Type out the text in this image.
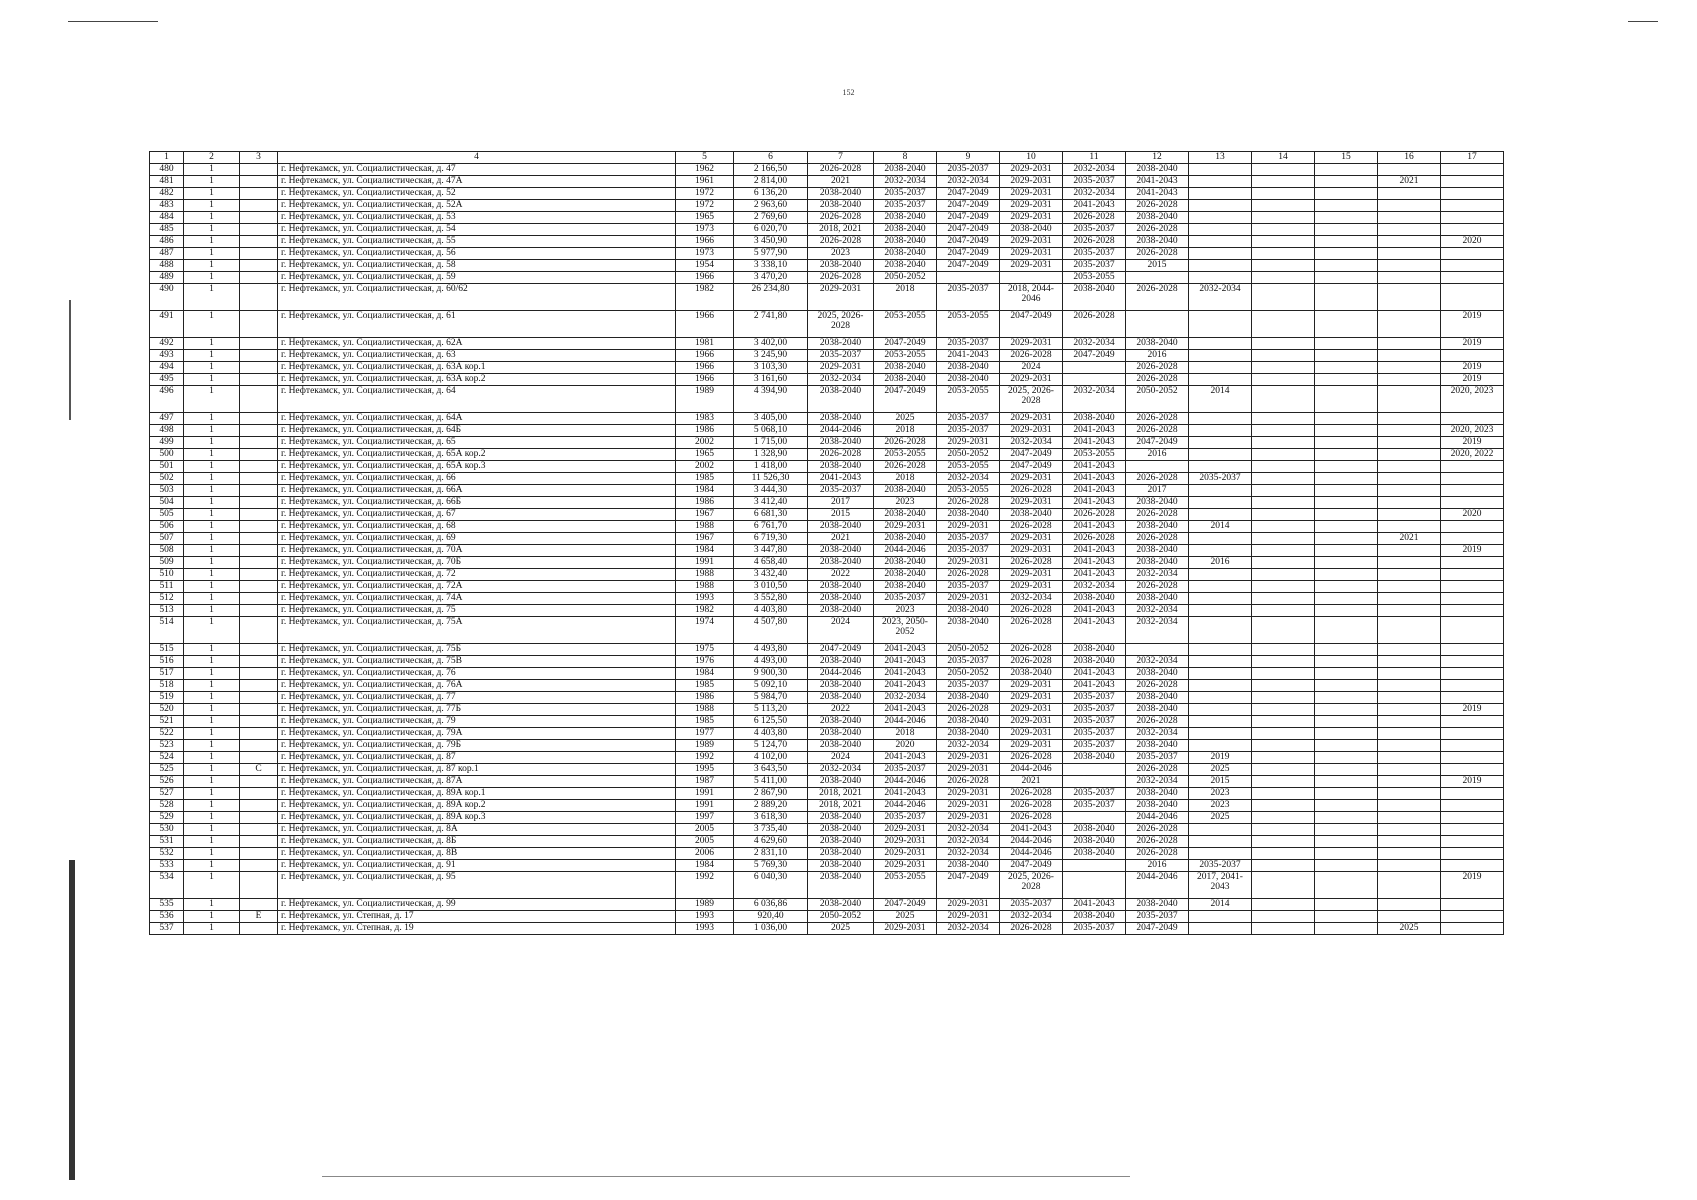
152
1	2	3	4	5	6	7	8	9	10	11	12	13	14	15	16	17
480	1		г. Нефтекамск, ул. Социалистическая, д. 47	1962	2 166,50	2026-2028	2038-2040	2035-2037	2029-2031	2032-2034	2038-2040					
481	1		г. Нефтекамск, ул. Социалистическая, д. 47А	1961	2 814,00	2021	2032-2034	2032-2034	2029-2031	2035-2037	2041-2043				2021	
482	1		г. Нефтекамск, ул. Социалистическая, д. 52	1972	6 136,20	2038-2040	2035-2037	2047-2049	2029-2031	2032-2034	2041-2043					
483	1		г. Нефтекамск, ул. Социалистическая, д. 52А	1972	2 963,60	2038-2040	2035-2037	2047-2049	2029-2031	2041-2043	2026-2028					
484	1		г. Нефтекамск, ул. Социалистическая, д. 53	1965	2 769,60	2026-2028	2038-2040	2047-2049	2029-2031	2026-2028	2038-2040					
485	1		г. Нефтекамск, ул. Социалистическая, д. 54	1973	6 020,70	2018, 2021	2038-2040	2047-2049	2038-2040	2035-2037	2026-2028					
486	1		г. Нефтекамск, ул. Социалистическая, д. 55	1966	3 450,90	2026-2028	2038-2040	2047-2049	2029-2031	2026-2028	2038-2040					2020
487	1		г. Нефтекамск, ул. Социалистическая, д. 56	1973	5 977,90	2023	2038-2040	2047-2049	2029-2031	2035-2037	2026-2028					
488	1		г. Нефтекамск, ул. Социалистическая, д. 58	1954	3 338,10	2038-2040	2038-2040	2047-2049	2029-2031	2035-2037	2015					
489	1		г. Нефтекамск, ул. Социалистическая, д. 59	1966	3 470,20	2026-2028	2050-2052			2053-2055						
490	1		г. Нефтекамск, ул. Социалистическая, д. 60/62	1982	26 234,80	2029-2031	2018	2035-2037	2018, 2044-2046	2038-2040	2026-2028	2032-2034				
491	1		г. Нефтекамск, ул. Социалистическая, д. 61	1966	2 741,80	2025, 2026-2028	2053-2055	2053-2055	2047-2049	2026-2028						2019
492	1		г. Нефтекамск, ул. Социалистическая, д. 62А	1981	3 402,00	2038-2040	2047-2049	2035-2037	2029-2031	2032-2034	2038-2040					2019
493	1		г. Нефтекамск, ул. Социалистическая, д. 63	1966	3 245,90	2035-2037	2053-2055	2041-2043	2026-2028	2047-2049	2016					
494	1		г. Нефтекамск, ул. Социалистическая, д. 63А кор.1	1966	3 103,30	2029-2031	2038-2040	2038-2040	2024		2026-2028					2019
495	1		г. Нефтекамск, ул. Социалистическая, д. 63А кор.2	1966	3 161,60	2032-2034	2038-2040	2038-2040	2029-2031		2026-2028					2019
496	1		г. Нефтекамск, ул. Социалистическая, д. 64	1989	4 394,90	2038-2040	2047-2049	2053-2055	2025, 2026-2028	2032-2034	2050-2052	2014				2020, 2023
497	1		г. Нефтекамск, ул. Социалистическая, д. 64А	1983	3 405,00	2038-2040	2025	2035-2037	2029-2031	2038-2040	2026-2028					
498	1		г. Нефтекамск, ул. Социалистическая, д. 64Б	1986	5 068,10	2044-2046	2018	2035-2037	2029-2031	2041-2043	2026-2028					2020, 2023
499	1		г. Нефтекамск, ул. Социалистическая, д. 65	2002	1 715,00	2038-2040	2026-2028	2029-2031	2032-2034	2041-2043	2047-2049					2019
500	1		г. Нефтекамск, ул. Социалистическая, д. 65А кор.2	1965	1 328,90	2026-2028	2053-2055	2050-2052	2047-2049	2053-2055	2016					2020, 2022
501	1		г. Нефтекамск, ул. Социалистическая, д. 65А кор.3	2002	1 418,00	2038-2040	2026-2028	2053-2055	2047-2049	2041-2043						
502	1		г. Нефтекамск, ул. Социалистическая, д. 66	1985	11 526,30	2041-2043	2018	2032-2034	2029-2031	2041-2043	2026-2028	2035-2037				
503	1		г. Нефтекамск, ул. Социалистическая, д. 66А	1984	3 444,30	2035-2037	2038-2040	2053-2055	2026-2028	2041-2043	2017					
504	1		г. Нефтекамск, ул. Социалистическая, д. 66Б	1986	3 412,40	2017	2023	2026-2028	2029-2031	2041-2043	2038-2040					
505	1		г. Нефтекамск, ул. Социалистическая, д. 67	1967	6 681,30	2015	2038-2040	2038-2040	2038-2040	2026-2028	2026-2028					2020
506	1		г. Нефтекамск, ул. Социалистическая, д. 68	1988	6 761,70	2038-2040	2029-2031	2029-2031	2026-2028	2041-2043	2038-2040	2014				
507	1		г. Нефтекамск, ул. Социалистическая, д. 69	1967	6 719,30	2021	2038-2040	2035-2037	2029-2031	2026-2028	2026-2028				2021	
508	1		г. Нефтекамск, ул. Социалистическая, д. 70А	1984	3 447,80	2038-2040	2044-2046	2035-2037	2029-2031	2041-2043	2038-2040					2019
509	1		г. Нефтекамск, ул. Социалистическая, д. 70Б	1991	4 658,40	2038-2040	2038-2040	2029-2031	2026-2028	2041-2043	2038-2040	2016				
510	1		г. Нефтекамск, ул. Социалистическая, д. 72	1988	3 432,40	2022	2038-2040	2026-2028	2029-2031	2041-2043	2032-2034					
511	1		г. Нефтекамск, ул. Социалистическая, д. 72А	1988	3 010,50	2038-2040	2038-2040	2035-2037	2029-2031	2032-2034	2026-2028					
512	1		г. Нефтекамск, ул. Социалистическая, д. 74А	1993	3 552,80	2038-2040	2035-2037	2029-2031	2032-2034	2038-2040	2038-2040					
513	1		г. Нефтекамск, ул. Социалистическая, д. 75	1982	4 403,80	2038-2040	2023	2038-2040	2026-2028	2041-2043	2032-2034					
514	1		г. Нефтекамск, ул. Социалистическая, д. 75А	1974	4 507,80	2024	2023, 2050-2052	2038-2040	2026-2028	2041-2043	2032-2034					
515	1		г. Нефтекамск, ул. Социалистическая, д. 75Б	1975	4 493,80	2047-2049	2041-2043	2050-2052	2026-2028	2038-2040						
516	1		г. Нефтекамск, ул. Социалистическая, д. 75В	1976	4 493,00	2038-2040	2041-2043	2035-2037	2026-2028	2038-2040	2032-2034					
517	1		г. Нефтекамск, ул. Социалистическая, д. 76	1984	9 900,30	2044-2046	2041-2043	2050-2052	2038-2040	2041-2043	2038-2040					
518	1		г. Нефтекамск, ул. Социалистическая, д. 76А	1985	5 092,10	2038-2040	2041-2043	2035-2037	2029-2031	2041-2043	2026-2028					
519	1		г. Нефтекамск, ул. Социалистическая, д. 77	1986	5 984,70	2038-2040	2032-2034	2038-2040	2029-2031	2035-2037	2038-2040					
520	1		г. Нефтекамск, ул. Социалистическая, д. 77Б	1988	5 113,20	2022	2041-2043	2026-2028	2029-2031	2035-2037	2038-2040					2019
521	1		г. Нефтекамск, ул. Социалистическая, д. 79	1985	6 125,50	2038-2040	2044-2046	2038-2040	2029-2031	2035-2037	2026-2028					
522	1		г. Нефтекамск, ул. Социалистическая, д. 79А	1977	4 403,80	2038-2040	2018	2038-2040	2029-2031	2035-2037	2032-2034					
523	1		г. Нефтекамск, ул. Социалистическая, д. 79Б	1989	5 124,70	2038-2040	2020	2032-2034	2029-2031	2035-2037	2038-2040					
524	1		г. Нефтекамск, ул. Социалистическая, д. 87	1992	4 102,00	2024	2041-2043	2029-2031	2026-2028	2038-2040	2035-2037	2019				
525	1	С	г. Нефтекамск, ул. Социалистическая, д. 87 кор.1	1995	3 643,50	2032-2034	2035-2037	2029-2031	2044-2046		2026-2028	2025				
526	1		г. Нефтекамск, ул. Социалистическая, д. 87А	1987	5 411,00	2038-2040	2044-2046	2026-2028	2021		2032-2034	2015				2019
527	1		г. Нефтекамск, ул. Социалистическая, д. 89А кор.1	1991	2 867,90	2018, 2021	2041-2043	2029-2031	2026-2028	2035-2037	2038-2040	2023				
528	1		г. Нефтекамск, ул. Социалистическая, д. 89А кор.2	1991	2 889,20	2018, 2021	2044-2046	2029-2031	2026-2028	2035-2037	2038-2040	2023				
529	1		г. Нефтекамск, ул. Социалистическая, д. 89А кор.3	1997	3 618,30	2038-2040	2035-2037	2029-2031	2026-2028		2044-2046	2025				
530	1		г. Нефтекамск, ул. Социалистическая, д. 8А	2005	3 735,40	2038-2040	2029-2031	2032-2034	2041-2043	2038-2040	2026-2028					
531	1		г. Нефтекамск, ул. Социалистическая, д. 8Б	2005	4 629,60	2038-2040	2029-2031	2032-2034	2044-2046	2038-2040	2026-2028					
532	1		г. Нефтекамск, ул. Социалистическая, д. 8В	2006	2 831,10	2038-2040	2029-2031	2032-2034	2044-2046	2038-2040	2026-2028					
533	1		г. Нефтекамск, ул. Социалистическая, д. 91	1984	5 769,30	2038-2040	2029-2031	2038-2040	2047-2049		2016	2035-2037				
534	1		г. Нефтекамск, ул. Социалистическая, д. 95	1992	6 040,30	2038-2040	2053-2055	2047-2049	2025, 2026-2028		2044-2046	2017, 2041-2043				2019
535	1		г. Нефтекамск, ул. Социалистическая, д. 99	1989	6 036,86	2038-2040	2047-2049	2029-2031	2035-2037	2041-2043	2038-2040	2014				
536	1	Е	г. Нефтекамск, ул. Степная, д. 17	1993	920,40	2050-2052	2025	2029-2031	2032-2034	2038-2040	2035-2037					
537	1		г. Нефтекамск, ул. Степная, д. 19	1993	1 036,00	2025	2029-2031	2032-2034	2026-2028	2035-2037	2047-2049				2025	
